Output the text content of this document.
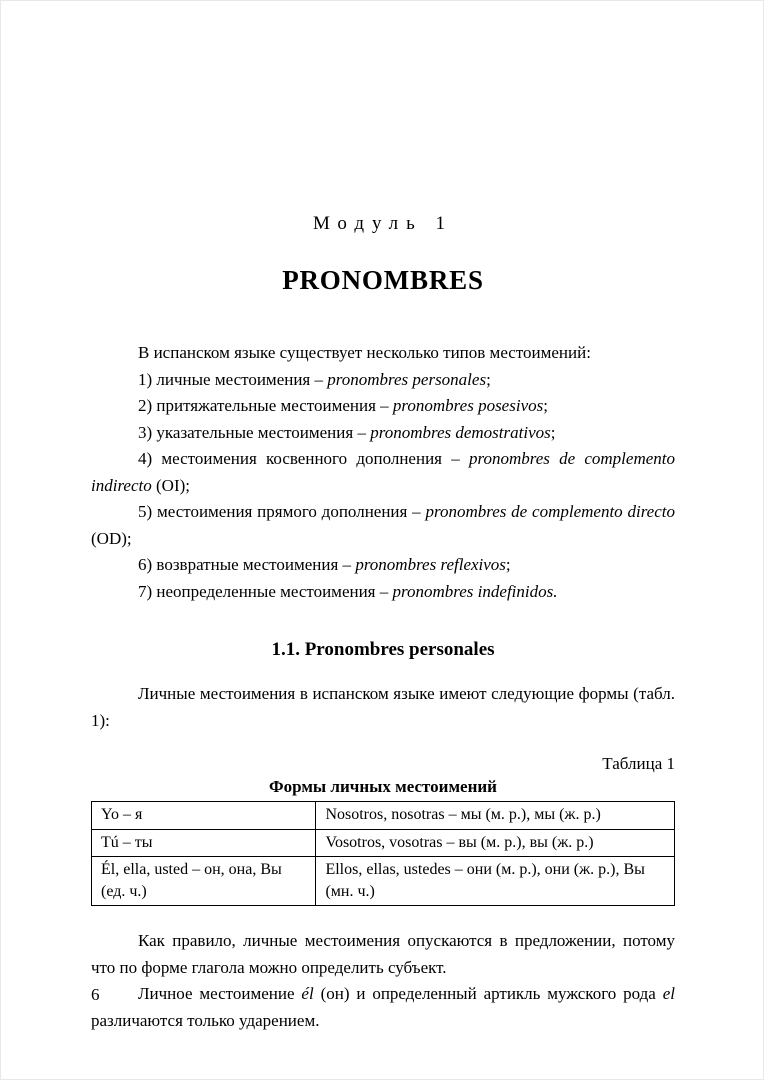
Модуль 1
PRONOMBRES

В испанском языке существует несколько типов местоимений:

1) личные местоимения – pronombres personales;

2) притяжательные местоимения – pronombres posesivos;

3) указательные местоимения – pronombres demostrativos;

4) местоимения косвенного дополнения – pronombres de complemento indirecto (OI);

5) местоимения прямого дополнения – pronombres de complemento directo (OD);

6) возвратные местоимения – pronombres reflexivos;

7) неопределенные местоимения – pronombres indefinidos.

1.1. Pronombres personales

Личные местоимения в испанском языке имеют следующие формы (табл. 1):

Таблица 1
Формы личных местоимений
Yo – я	Nosotros, nosotras – мы (м. р.), мы (ж. р.)
Tú – ты	Vosotros, vosotras – вы (м. р.), вы (ж. р.)
Él, ella, usted – он, она, Вы (ед. ч.)	Ellos, ellas, ustedes – они (м. р.), они (ж. р.), Вы (мн. ч.)

Как правило, личные местоимения опускаются в предложении, потому что по форме глагола можно определить субъект.

Личное местоимение él (он) и определенный артикль мужского рода el различаются только ударением.

6
